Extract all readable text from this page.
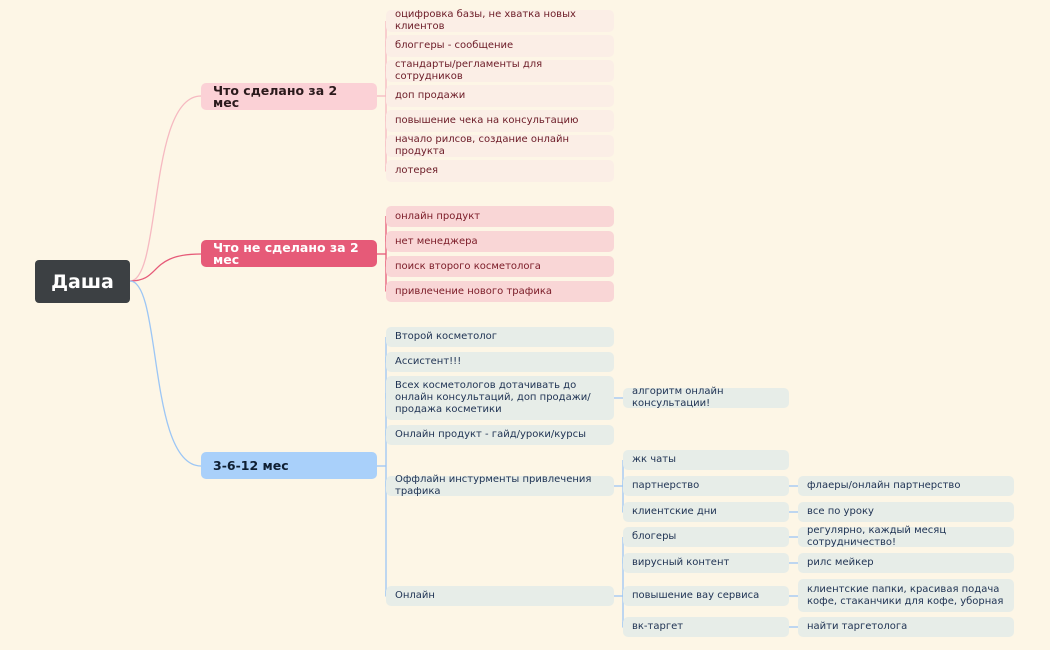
Даша
Что сделано за 2 мес
Что не сделано за 2 мес
3-6-12 мес
оцифровка базы, не хватка новых клиентов
блоггеры - сообщение
стандарты/регламенты для сотрудников
доп продажи
повышение чека на консультацию
начало рилсов, создание онлайн продукта
лотерея
онлайн продукт
нет менеджера
поиск второго косметолога
привлечение нового трафика
Второй косметолог
Ассистент!!!
Всех косметологов дотачивать до онлайн консультаций, доп продажи/продажа косметики
Онлайн продукт - гайд/уроки/курсы
Оффлайн инстурменты привлечения трафика
Онлайн
алгоритм онлайн консультации!
жк чаты
партнерство
клиентские дни
блогеры
вирусный контент
повышение вау сервиса
вк-таргет
флаеры/онлайн партнерство
все по уроку
регулярно, каждый месяц сотрудничество!
рилс мейкер
клиентские папки, красивая подача кофе, стаканчики для кофе, уборная
найти таргетолога
